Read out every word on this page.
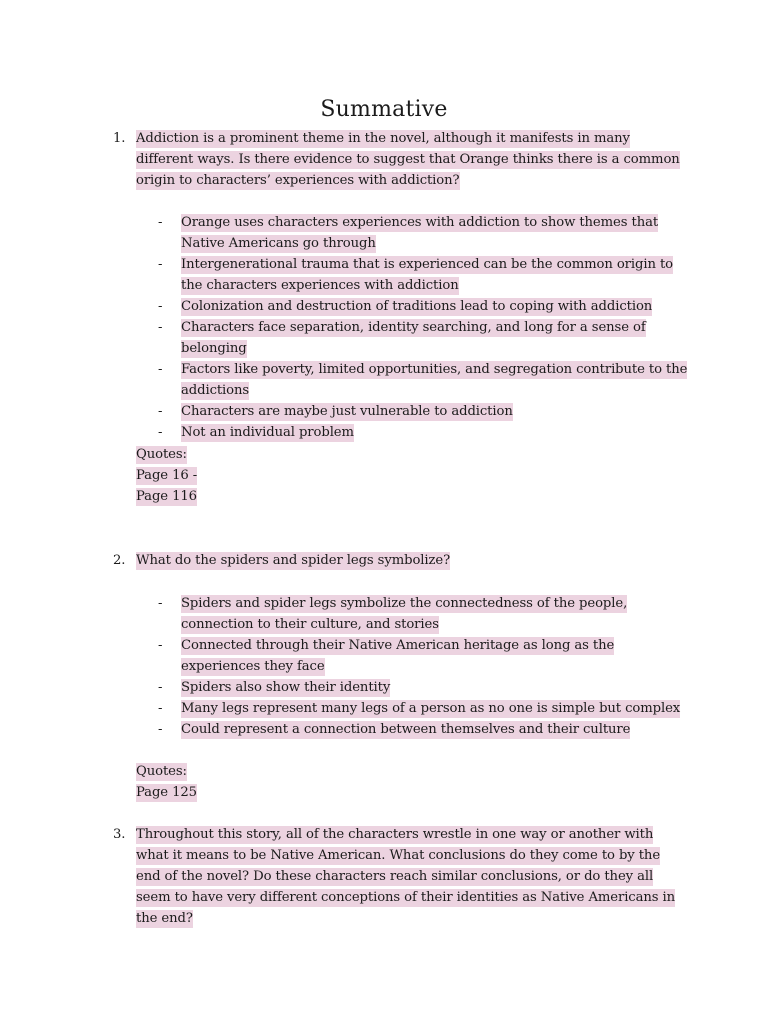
Summative
1. Addiction is a prominent theme in the novel, although it manifests in many different ways. Is there evidence to suggest that Orange thinks there is a common origin to characters’ experiences with addiction?
- Orange uses characters experiences with addiction to show themes that Native Americans go through
- Intergenerational trauma that is experienced can be the common origin to the characters experiences with addiction
- Colonization and destruction of traditions lead to coping with addiction
- Characters face separation, identity searching, and long for a sense of belonging
- Factors like poverty, limited opportunities, and segregation contribute to the addictions
- Characters are maybe just vulnerable to addiction
- Not an individual problem
Quotes:
Page 16 -
Page 116
2. What do the spiders and spider legs symbolize?
- Spiders and spider legs symbolize the connectedness of the people, connection to their culture, and stories
- Connected through their Native American heritage as long as the experiences they face
- Spiders also show their identity
- Many legs represent many legs of a person as no one is simple but complex
- Could represent a connection between themselves and their culture
Quotes:
Page 125
3. Throughout this story, all of the characters wrestle in one way or another with what it means to be Native American. What conclusions do they come to by the end of the novel? Do these characters reach similar conclusions, or do they all seem to have very different conceptions of their identities as Native Americans in the end?
